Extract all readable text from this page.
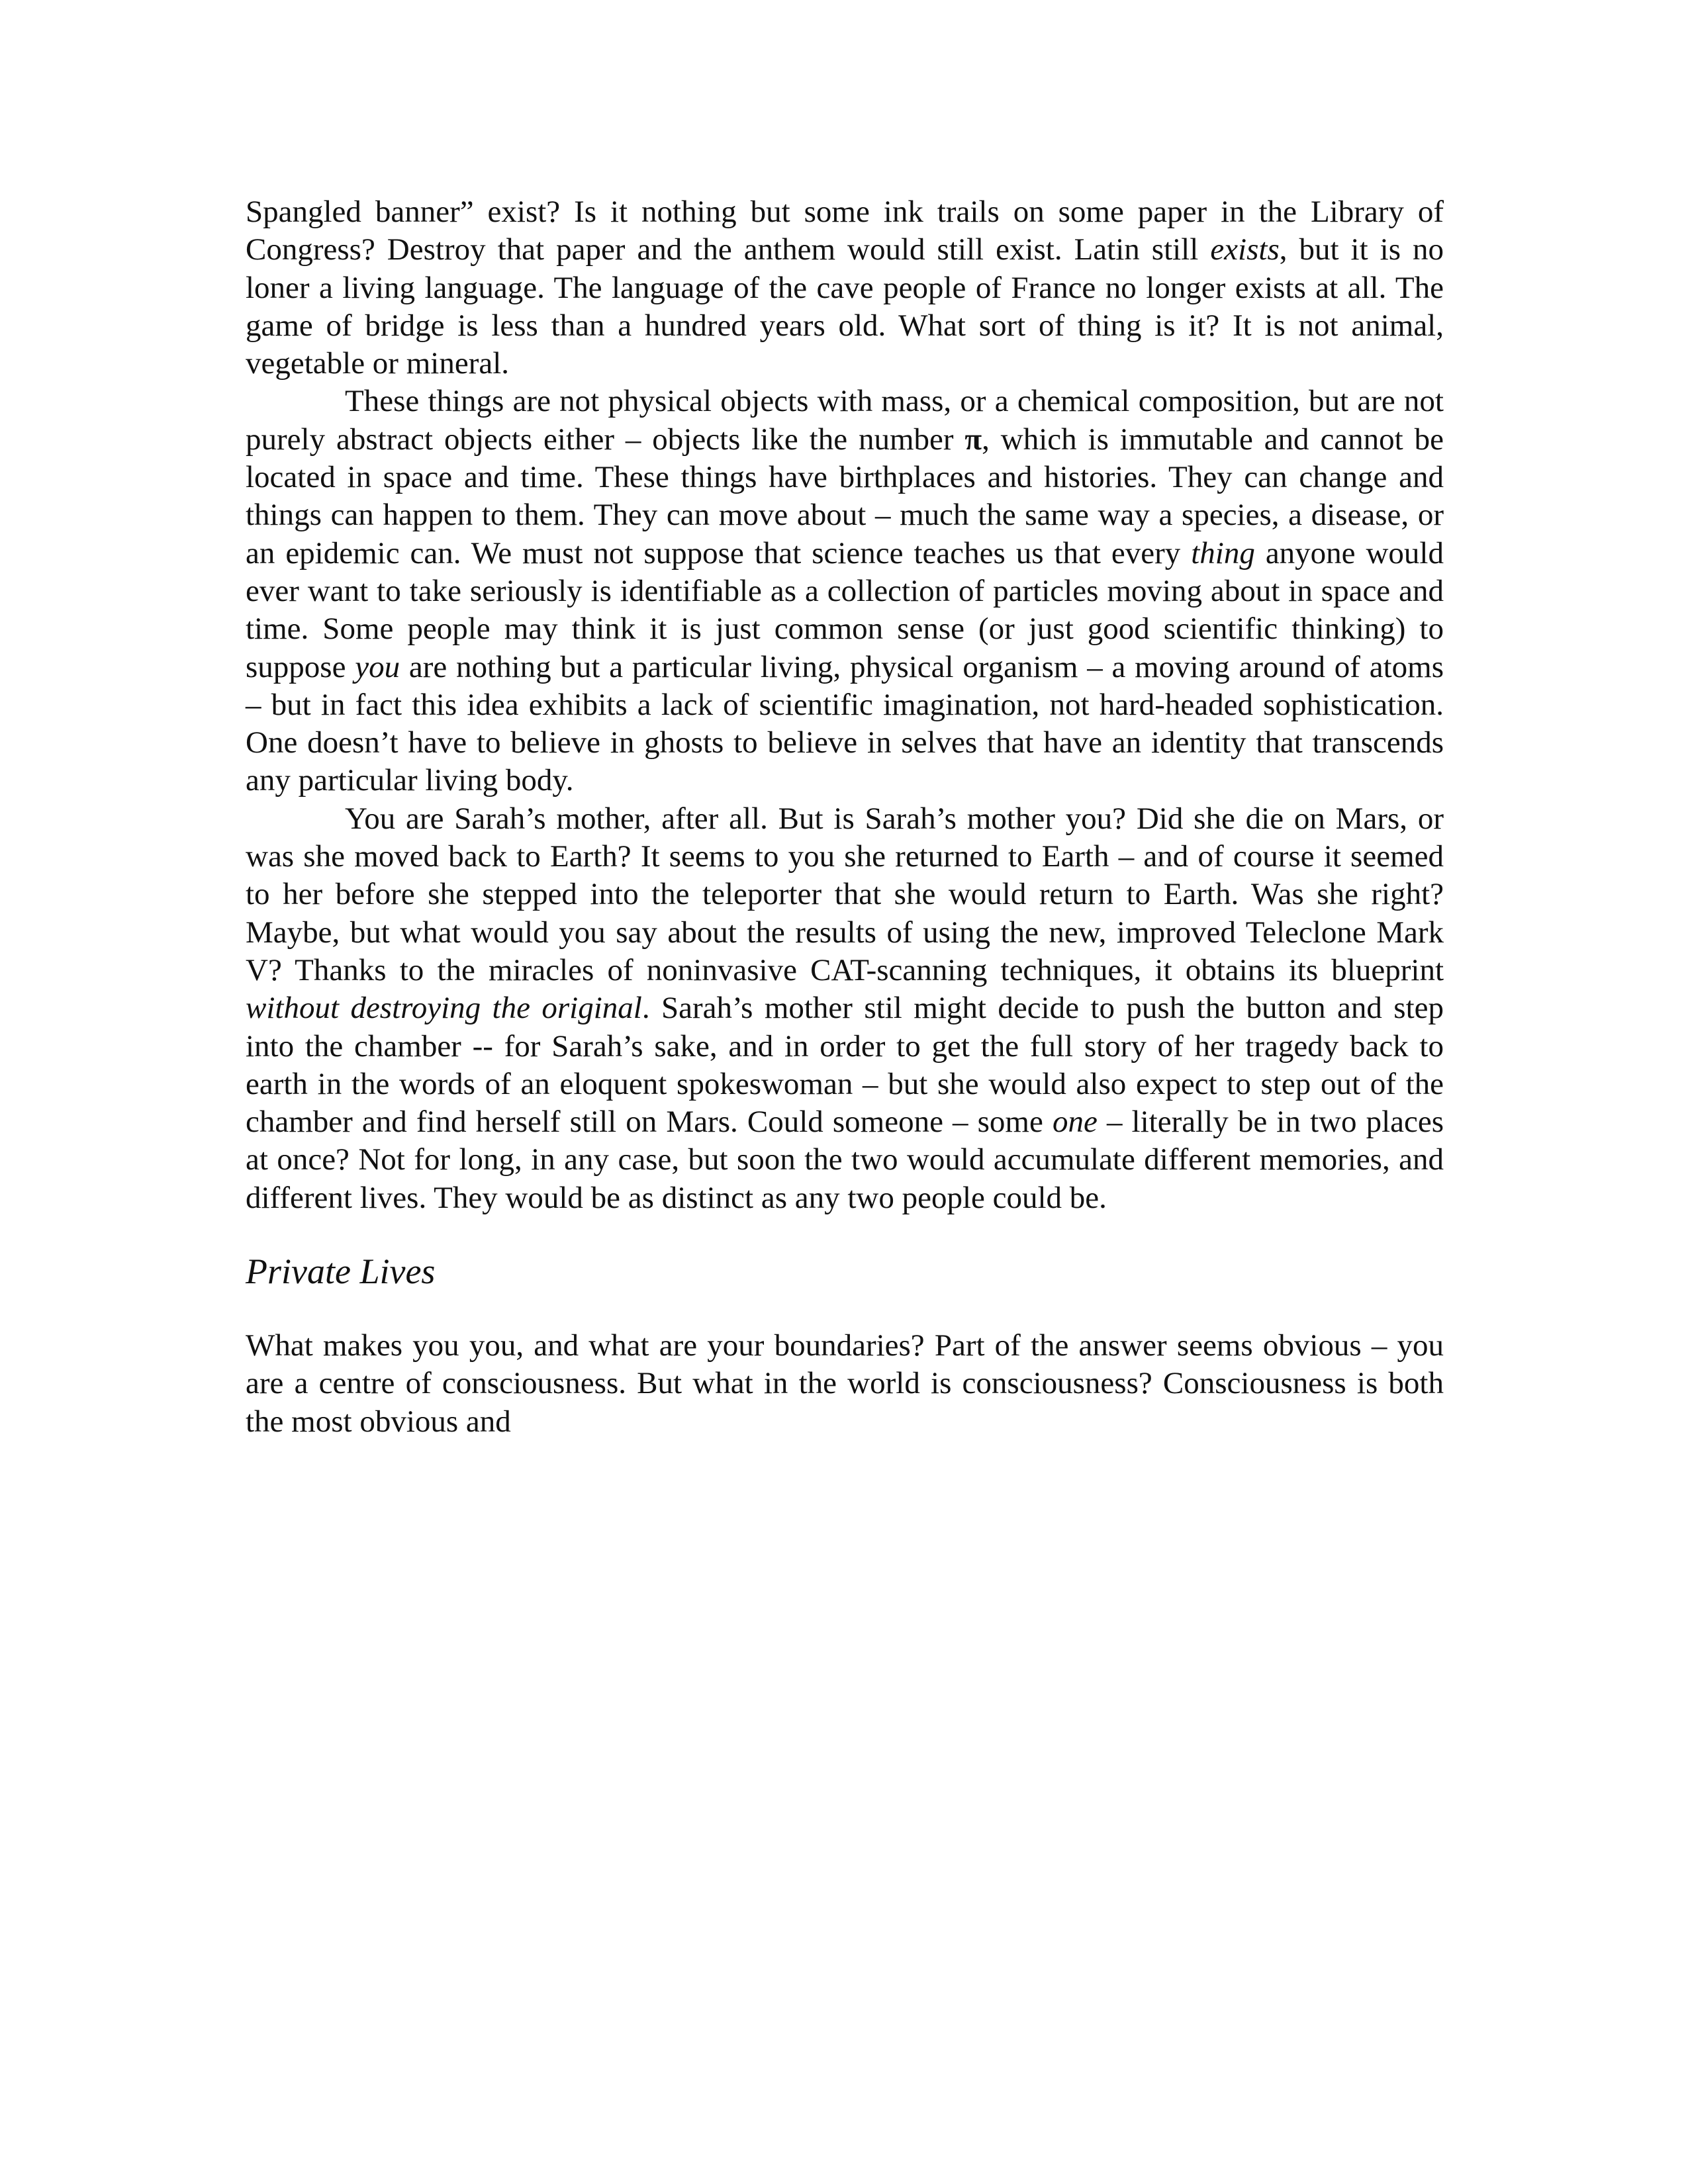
Spangled banner” exist? Is it nothing but some ink trails on some paper in the Library of Congress? Destroy that paper and the anthem would still exist. Latin still exists, but it is no loner a living language. The language of the cave people of France no longer exists at all. The game of bridge is less than a hundred years old. What sort of thing is it? It is not animal, vegetable or mineral.

These things are not physical objects with mass, or a chemical composition, but are not purely abstract objects either – objects like the number π, which is immutable and cannot be located in space and time. These things have birthplaces and histories. They can change and things can happen to them. They can move about – much the same way a species, a disease, or an epidemic can. We must not suppose that science teaches us that every thing anyone would ever want to take seriously is identifiable as a collection of particles moving about in space and time. Some people may think it is just common sense (or just good scientific thinking) to suppose you are nothing but a particular living, physical organism – a moving around of atoms – but in fact this idea exhibits a lack of scientific imagination, not hard-headed sophistication. One doesn’t have to believe in ghosts to believe in selves that have an identity that transcends any particular living body.

You are Sarah’s mother, after all. But is Sarah’s mother you? Did she die on Mars, or was she moved back to Earth? It seems to you she returned to Earth – and of course it seemed to her before she stepped into the teleporter that she would return to Earth. Was she right? Maybe, but what would you say about the results of using the new, improved Teleclone Mark V? Thanks to the miracles of noninvasive CAT-scanning techniques, it obtains its blueprint without destroying the original. Sarah’s mother stil might decide to push the button and step into the chamber -- for Sarah’s sake, and in order to get the full story of her tragedy back to earth in the words of an eloquent spokeswoman – but she would also expect to step out of the chamber and find herself still on Mars. Could someone – some one – literally be in two places at once? Not for long, in any case, but soon the two would accumulate different memories, and different lives. They would be as distinct as any two people could be.

Private Lives

What makes you you, and what are your boundaries? Part of the answer seems obvious – you are a centre of consciousness. But what in the world is consciousness? Consciousness is both the most obvious and
